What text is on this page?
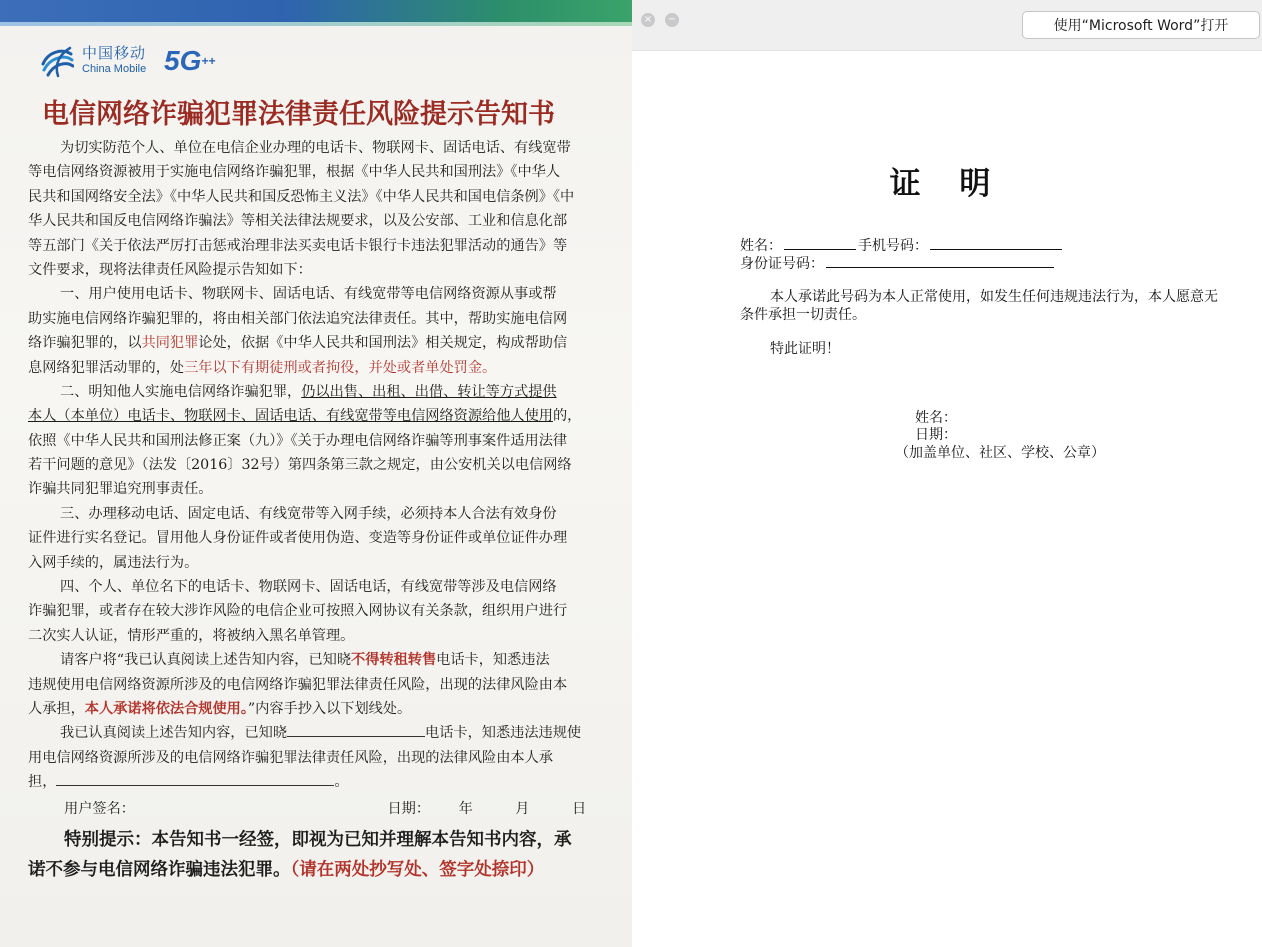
中国移动
China Mobile 5G++
电信网络诈骗犯罪法律责任风险提示告知书
为切实防范个人、单位在电信企业办理的电话卡、物联网卡、固话电话、有线宽带
等电信网络资源被用于实施电信网络诈骗犯罪，根据《中华人民共和国刑法》《中华人
民共和国网络安全法》《中华人民共和国反恐怖主义法》《中华人民共和国电信条例》《中
华人民共和国反电信网络诈骗法》等相关法律法规要求，以及公安部、工业和信息化部
等五部门《关于依法严厉打击惩戒治理非法买卖电话卡银行卡违法犯罪活动的通告》等
文件要求，现将法律责任风险提示告知如下：
一、用户使用电话卡、物联网卡、固话电话、有线宽带等电信网络资源从事或帮
助实施电信网络诈骗犯罪的，将由相关部门依法追究法律责任。其中，帮助实施电信网
络诈骗犯罪的，以共同犯罪论处，依据《中华人民共和国刑法》相关规定，构成帮助信
息网络犯罪活动罪的，处三年以下有期徒刑或者拘役，并处或者单处罚金。
二、明知他人实施电信网络诈骗犯罪，仍以出售、出租、出借、转让等方式提供
本人（本单位）电话卡、物联网卡、固话电话、有线宽带等电信网络资源给他人使用的，
依照《中华人民共和国刑法修正案（九）》《关于办理电信网络诈骗等刑事案件适用法律
若干问题的意见》（法发〔2016〕32号）第四条第三款之规定，由公安机关以电信网络
诈骗共同犯罪追究刑事责任。
三、办理移动电话、固定电话、有线宽带等入网手续，必须持本人合法有效身份
证件进行实名登记。冒用他人身份证件或者使用伪造、变造等身份证件或单位证件办理
入网手续的，属违法行为。
四、个人、单位名下的电话卡、物联网卡、固话电话，有线宽带等涉及电信网络
诈骗犯罪，或者存在较大涉诈风险的电信企业可按照入网协议有关条款，组织用户进行
二次实人认证，情形严重的，将被纳入黑名单管理。
请客户将“我已认真阅读上述告知内容，已知晓不得转租转售电话卡，知悉违法
违规使用电信网络资源所涉及的电信网络诈骗犯罪法律责任风险，出现的法律风险由本
人承担，本人承诺将依法合规使用。”内容手抄入以下划线处。
我已认真阅读上述告知内容，已知晓	电话卡，知悉违法违规使
用电信网络资源所涉及的电信网络诈骗犯罪法律责任风险，出现的法律风险由本人承
担，	。
用户签名：	日期： 年	月	日
特别提示：本告知书一经签，即视为已知并理解本告知书内容，承
诺不参与电信网络诈骗违法犯罪。（请在两处抄写处、签字处捺印）
× −	使用“Microsoft Word”打开
证 明
姓名：	手机号码：
身份证号码：
本人承诺此号码为本人正常使用，如发生任何违规违法行为，本人愿意无
条件承担一切责任。
特此证明！
姓名：
日期：
（加盖单位、社区、学校、公章）
